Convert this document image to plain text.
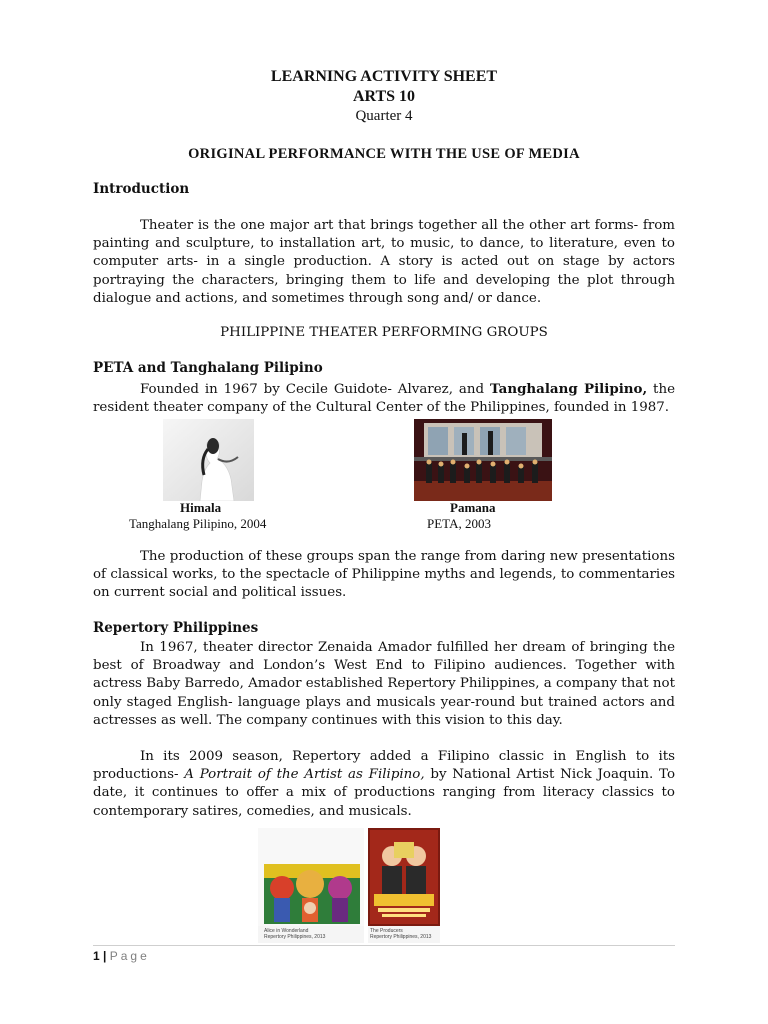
LEARNING ACTIVITY SHEET
ARTS 10
Quarter 4
ORIGINAL PERFORMANCE WITH THE USE OF MEDIA
Introduction

Theater is the one major art that brings together all the other art forms- from painting and sculpture, to installation art, to music, to dance, to literature, even to computer arts- in a single production. A story is acted out on stage by actors portraying the characters, bringing them to life and developing the plot through dialogue and actions, and sometimes through song and/ or dance.

PHILIPPINE THEATER PERFORMING GROUPS
PETA and Tanghalang Pilipino

Founded in 1967 by Cecile Guidote- Alvarez, and Tanghalang Pilipino, the resident theater company of the Cultural Center of the Philippines, founded in 1987.

Himala
Tanghalang Pilipino, 2004
Pamana
PETA, 2003

The production of these groups span the range from daring new presentations of classical works, to the spectacle of Philippine myths and legends, to commentaries on current social and political issues.

Repertory Philippines

In 1967, theater director Zenaida Amador fulfilled her dream of bringing the best of Broadway and London’s West End to Filipino audiences. Together with actress Baby Barredo, Amador established Repertory Philippines, a company that not only staged English- language plays and musicals year-round but trained actors and actresses as well. The company continues with this vision to this day.

In its 2009 season, Repertory added a Filipino classic in English to its productions- A Portrait of the Artist as Filipino, by National Artist Nick Joaquin. To date, it continues to offer a mix of productions ranging from literacy classics to contemporary satires, comedies, and musicals.

Alice in Wonderland
Repertory Philippines, 2013
The Producers
Repertory Philippines, 2013
1 | Page
